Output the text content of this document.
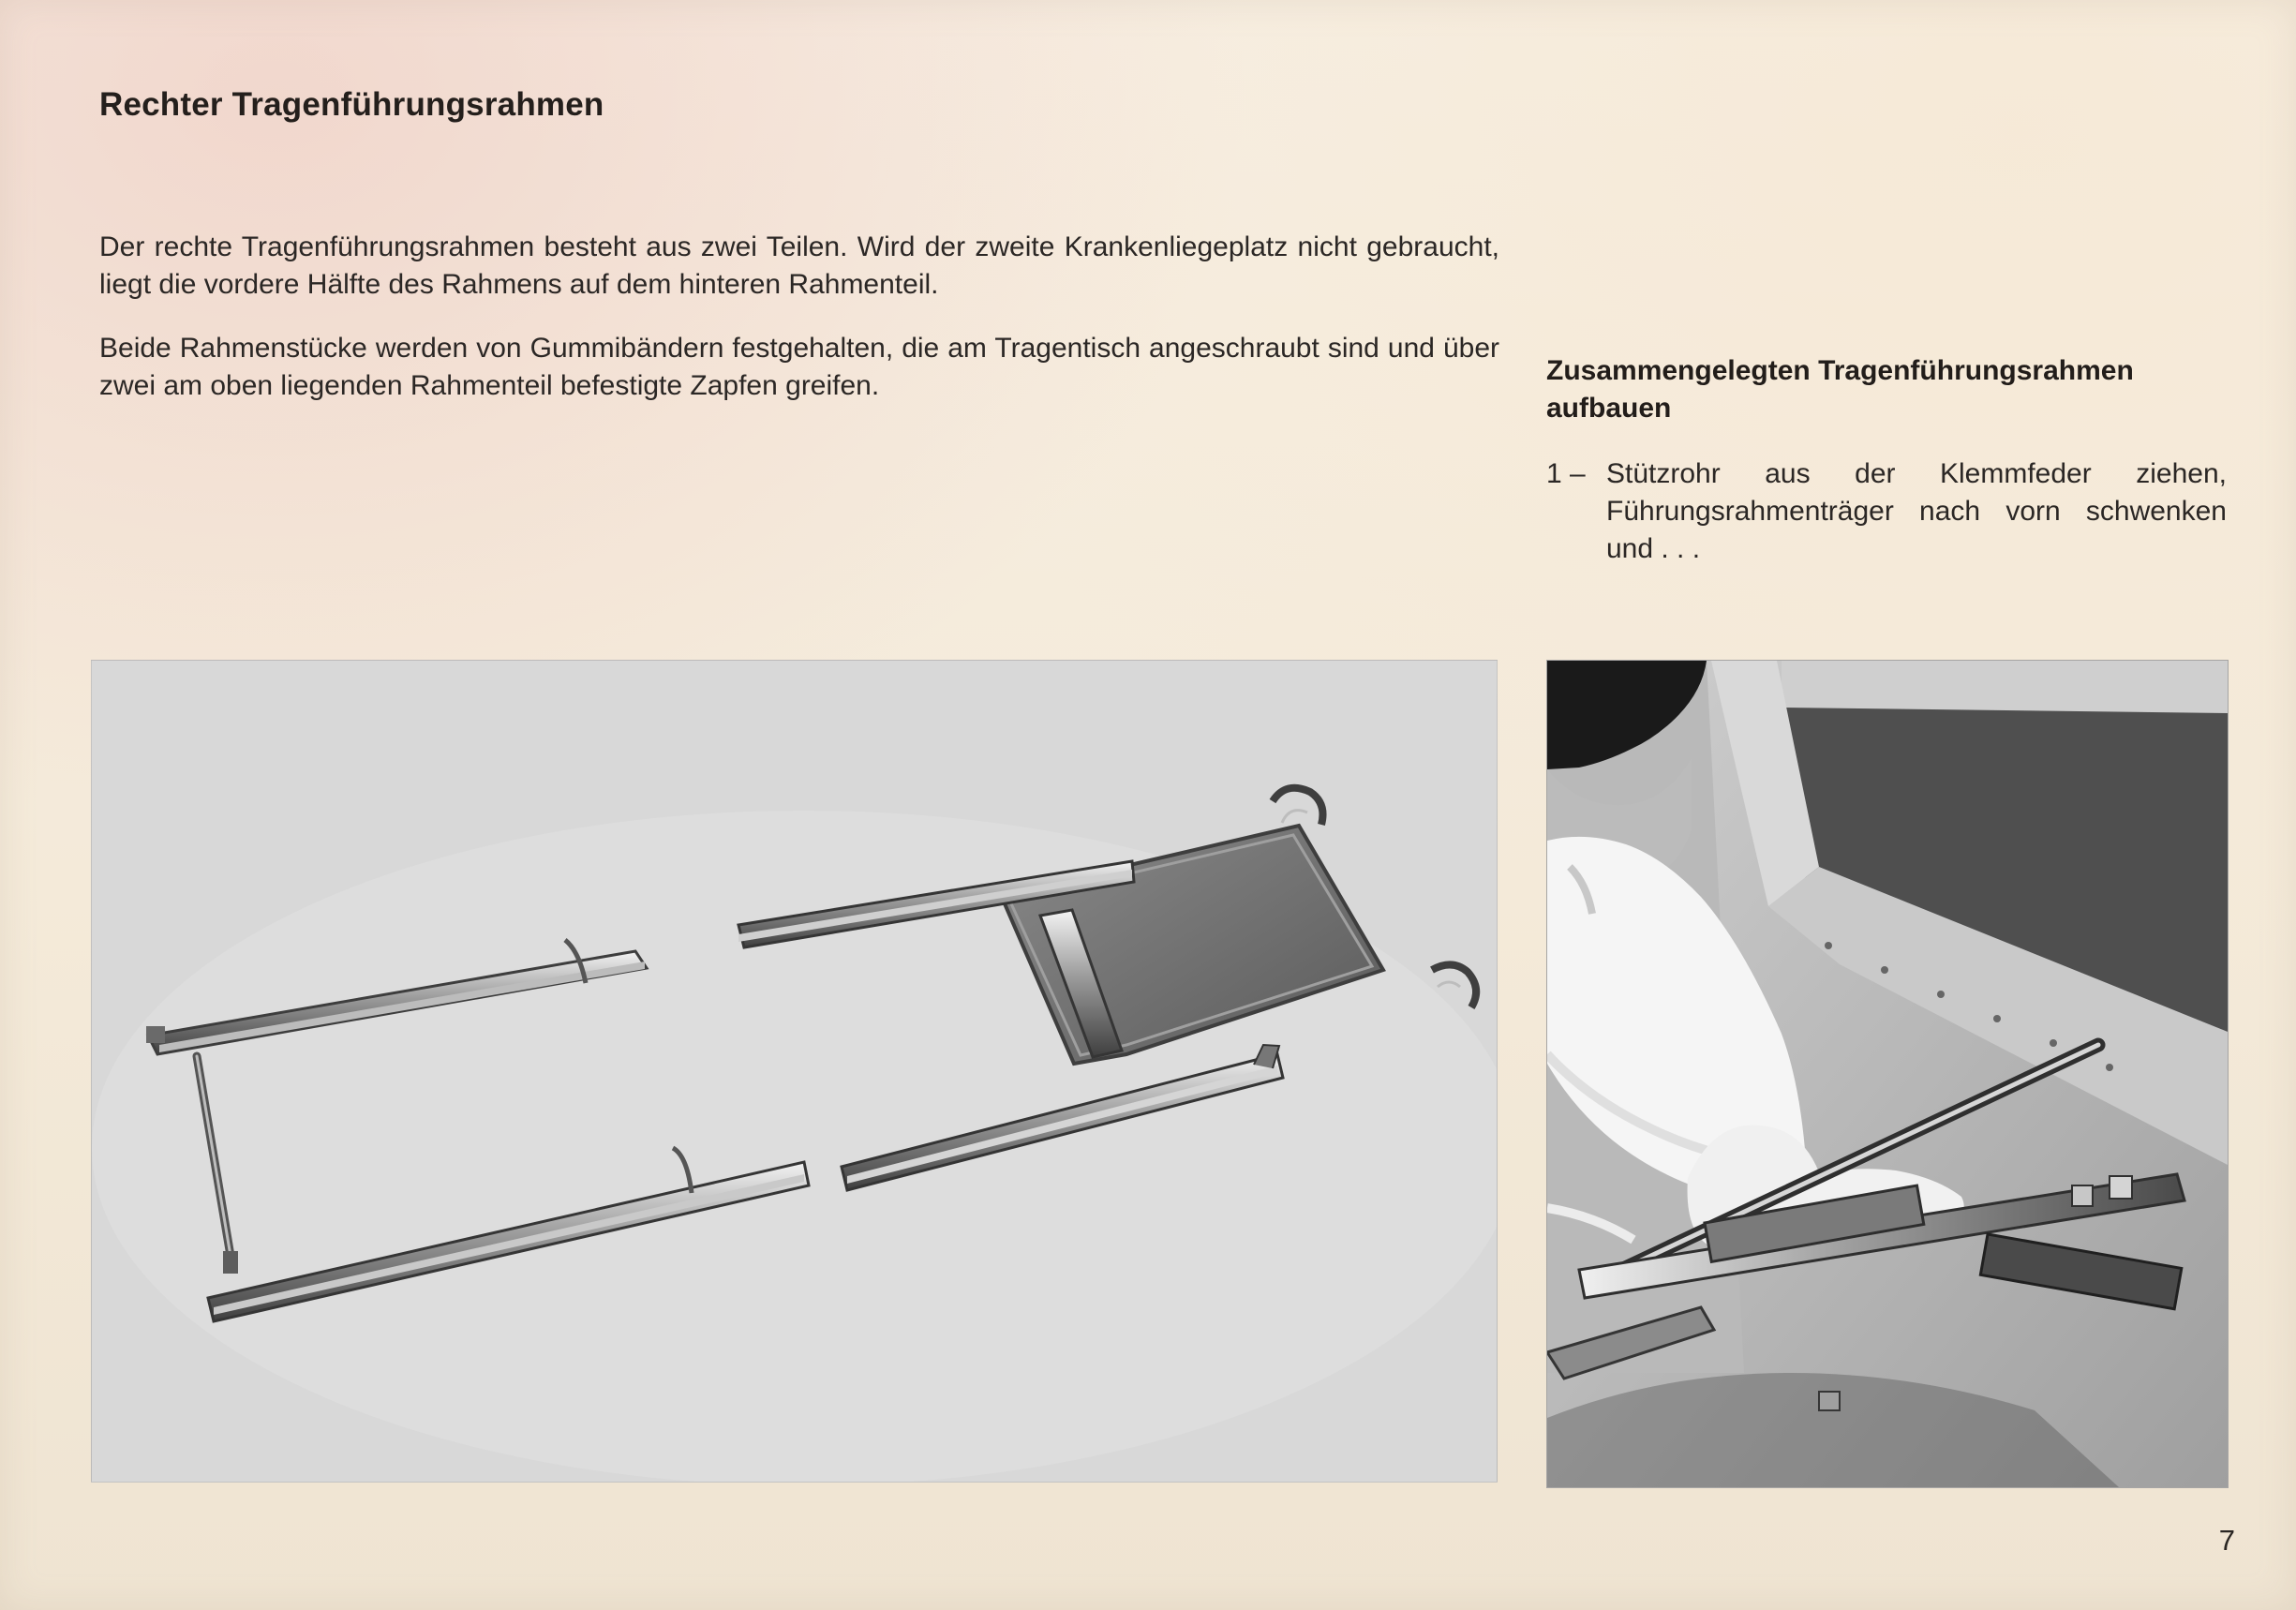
Rechter Tragenführungsrahmen

Der rechte Tragenführungsrahmen besteht aus zwei Teilen. Wird der zweite Krankenliegeplatz nicht gebraucht, liegt die vordere Hälfte des Rahmens auf dem hinteren Rahmenteil.

Beide Rahmenstücke werden von Gummibändern festgehalten, die am Tragentisch angeschraubt sind und über zwei am oben liegenden Rahmenteil befestigte Zapfen greifen.	Zusammengelegten Tragenführungsrahmen aufbauen
1 – Stützrohr aus der Klemmfeder ziehen, Führungsrahmenträger nach vorn schwenken und . . .

7
